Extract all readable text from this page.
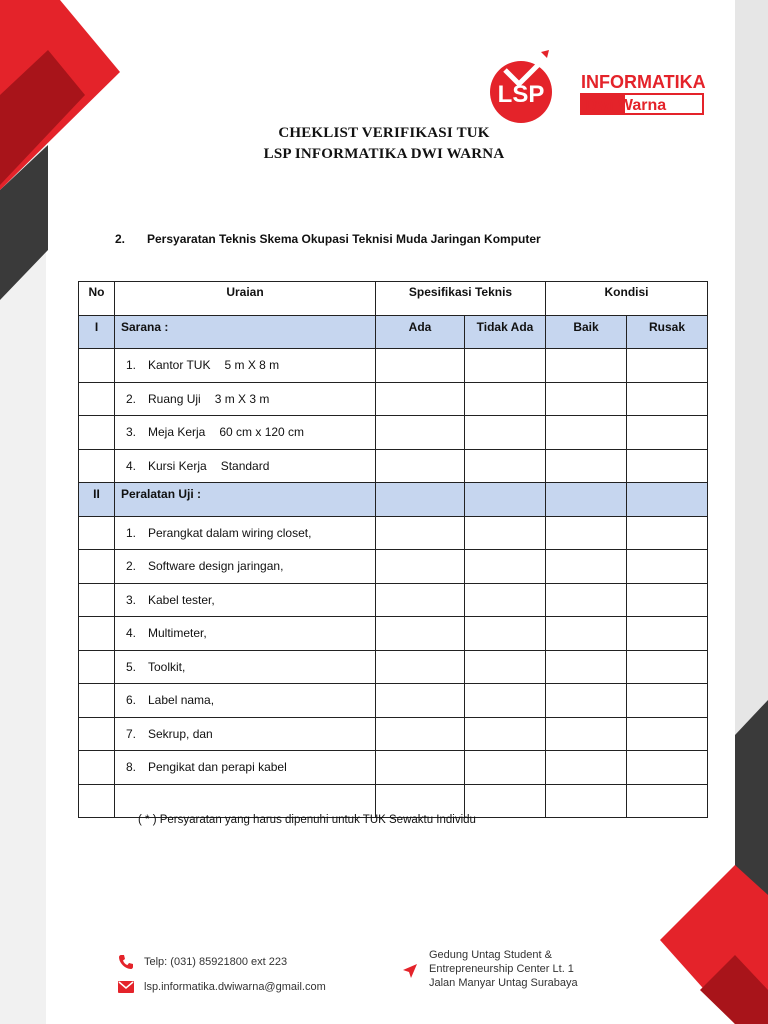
LSP INFORMATIKA
Dwi Warna
CHEKLIST VERIFIKASI TUK
LSP INFORMATIKA DWI WARNA
2. Persyaratan Teknis Skema Okupasi Teknisi Muda Jaringan Komputer
No	Uraian	Spesifikasi Teknis		Kondisi	
I	Sarana :	Ada	Tidak Ada	Baik	Rusak
	1. Kantor TUK 5 m X 8 m				
	2. Ruang Uji 3 m X 3 m				
	3. Meja Kerja 60 cm x 120 cm				
	4. Kursi Kerja Standard				
II	Peralatan Uji :				
	1. Perangkat dalam wiring closet,				
	2. Software design jaringan,				
	3. Kabel tester,				
	4. Multimeter,				
	5. Toolkit,				
	6. Label nama,				
	7. Sekrup, dan				
	8. Pengikat dan perapi kabel				

( * ) Persyaratan yang harus dipenuhi untuk TUK Sewaktu Individu
Telp: (031) 85921800 ext 223
lsp.informatika.dwiwarna@gmail.com
Gedung Untag Student &
Entrepreneurship Center Lt. 1
Jalan Manyar Untag Surabaya
